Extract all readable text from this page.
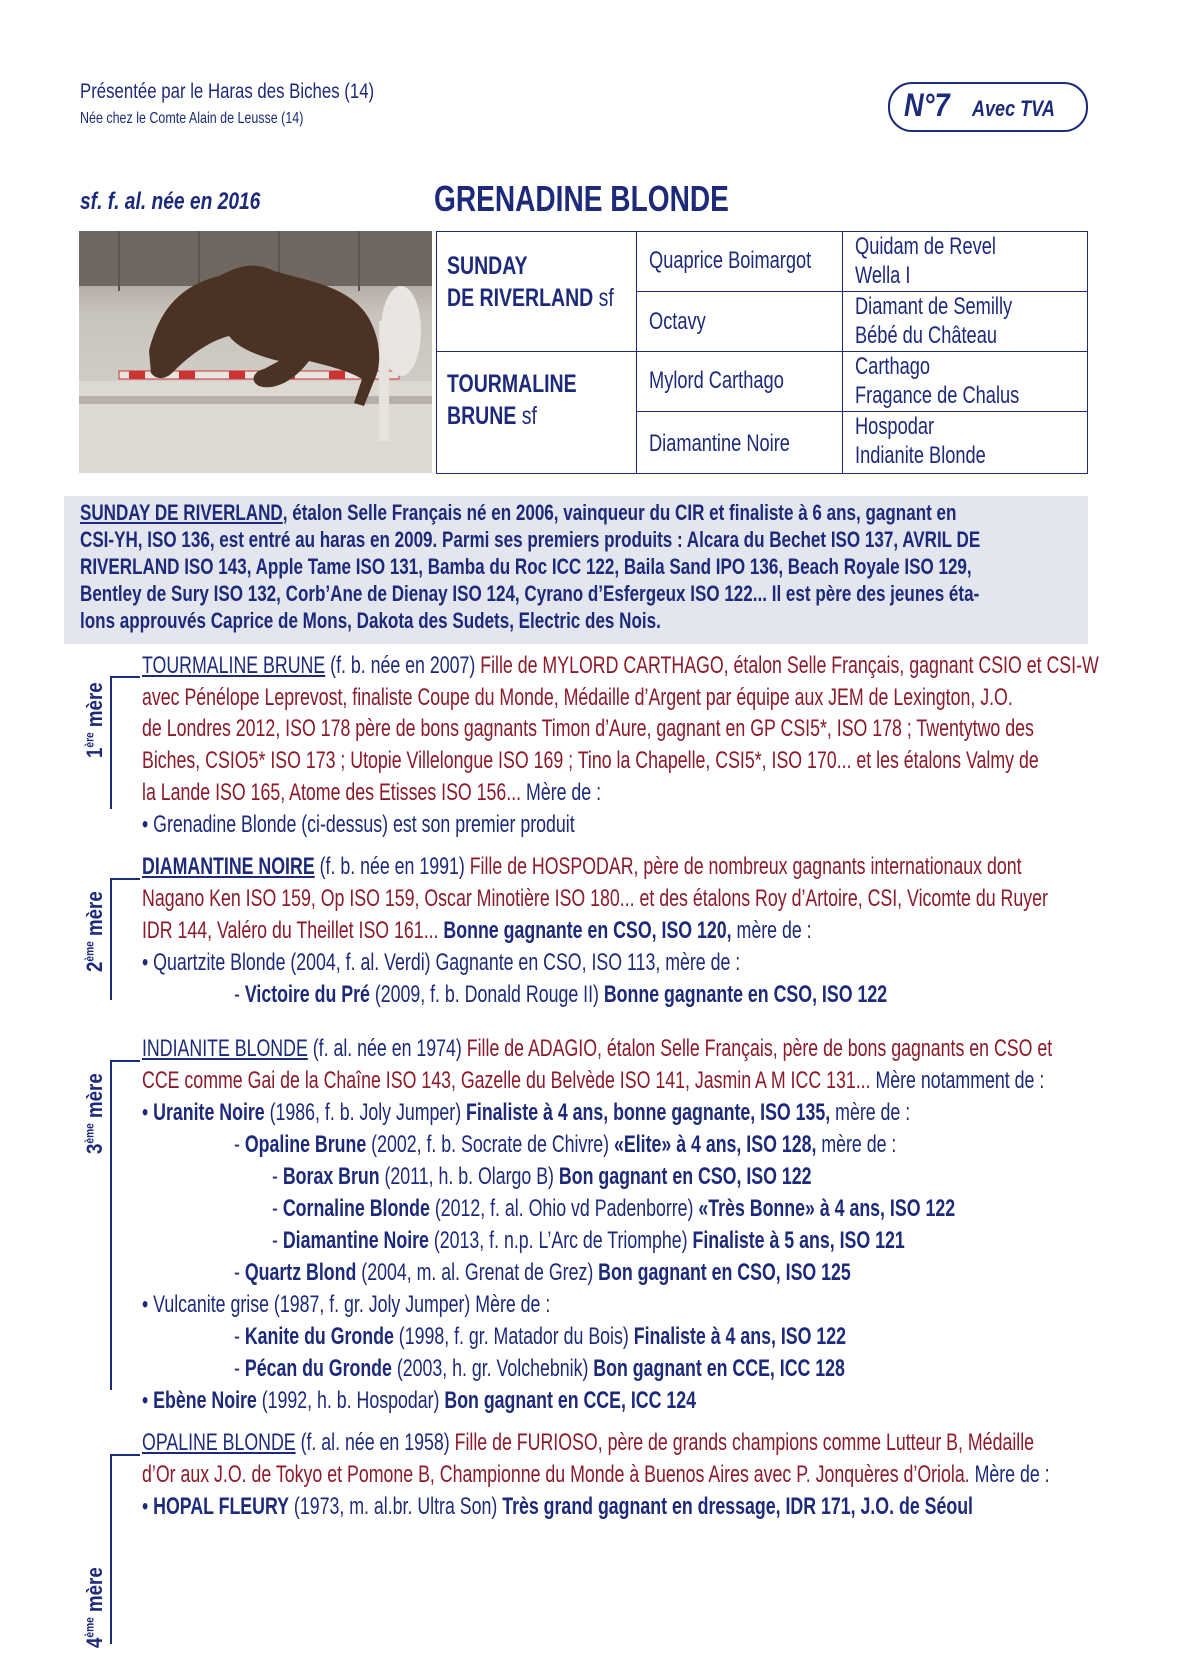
Présentée par le Haras des Biches (14)
Née chez le Comte Alain de Leusse (14)	N°7 Avec TVA
sf. f. al. née en 2016	GRENADINE BLONDE
SUNDAY
DE RIVERLAND sf
TOURMALINE
BRUNE sf
Quaprice Boimargot
Octavy
Mylord Carthago
Diamantine Noire
Quidam de Revel
Wella I
Diamant de Semilly
Bébé du Château
Carthago
Fragance de Chalus
Hospodar
Indianite Blonde
SUNDAY DE RIVERLAND, étalon Selle Français né en 2006, vainqueur du CIR et finaliste à 6 ans, gagnant en
CSI-YH, ISO 136, est entré au haras en 2009. Parmi ses premiers produits : Alcara du Bechet ISO 137, AVRIL DE
RIVERLAND ISO 143, Apple Tame ISO 131, Bamba du Roc ICC 122, Baila Sand IPO 136, Beach Royale ISO 129,
Bentley de Sury ISO 132, Corb’Ane de Dienay ISO 124, Cyrano d’Esfergeux ISO 122... Il est père des jeunes éta-
lons approuvés Caprice de Mons, Dakota des Sudets, Electric des Nois.
1ère mère
2ème mère
3ème mère
4ème mère
TOURMALINE BRUNE (f. b. née en 2007) Fille de MYLORD CARTHAGO, étalon Selle Français, gagnant CSIO et CSI-W
avec Pénélope Leprevost, finaliste Coupe du Monde, Médaille d’Argent par équipe aux JEM de Lexington, J.O.
de Londres 2012, ISO 178 père de bons gagnants Timon d’Aure, gagnant en GP CSI5*, ISO 178 ; Twentytwo des
Biches, CSIO5* ISO 173 ; Utopie Villelongue ISO 169 ; Tino la Chapelle, CSI5*, ISO 170... et les étalons Valmy de
la Lande ISO 165, Atome des Etisses ISO 156... Mère de :
• Grenadine Blonde (ci-dessus) est son premier produit
DIAMANTINE NOIRE (f. b. née en 1991) Fille de HOSPODAR, père de nombreux gagnants internationaux dont
Nagano Ken ISO 159, Op ISO 159, Oscar Minotière ISO 180... et des étalons Roy d’Artoire, CSI, Vicomte du Ruyer
IDR 144, Valéro du Theillet ISO 161... Bonne gagnante en CSO, ISO 120, mère de :
• Quartzite Blonde (2004, f. al. Verdi) Gagnante en CSO, ISO 113, mère de :
- Victoire du Pré (2009, f. b. Donald Rouge II) Bonne gagnante en CSO, ISO 122
INDIANITE BLONDE (f. al. née en 1974) Fille de ADAGIO, étalon Selle Français, père de bons gagnants en CSO et
CCE comme Gai de la Chaîne ISO 143, Gazelle du Belvède ISO 141, Jasmin A M ICC 131... Mère notamment de :
• Uranite Noire (1986, f. b. Joly Jumper) Finaliste à 4 ans, bonne gagnante, ISO 135, mère de :
- Opaline Brune (2002, f. b. Socrate de Chivre) «Elite» à 4 ans, ISO 128, mère de :
- Borax Brun (2011, h. b. Olargo B) Bon gagnant en CSO, ISO 122
- Cornaline Blonde (2012, f. al. Ohio vd Padenborre) «Très Bonne» à 4 ans, ISO 122
- Diamantine Noire (2013, f. n.p. L’Arc de Triomphe) Finaliste à 5 ans, ISO 121
- Quartz Blond (2004, m. al. Grenat de Grez) Bon gagnant en CSO, ISO 125
• Vulcanite grise (1987, f. gr. Joly Jumper) Mère de :
- Kanite du Gronde (1998, f. gr. Matador du Bois) Finaliste à 4 ans, ISO 122
- Pécan du Gronde (2003, h. gr. Volchebnik) Bon gagnant en CCE, ICC 128
• Ebène Noire (1992, h. b. Hospodar) Bon gagnant en CCE, ICC 124
OPALINE BLONDE (f. al. née en 1958) Fille de FURIOSO, père de grands champions comme Lutteur B, Médaille
d’Or aux J.O. de Tokyo et Pomone B, Championne du Monde à Buenos Aires avec P. Jonquères d’Oriola. Mère de :
• HOPAL FLEURY (1973, m. al.br. Ultra Son) Très grand gagnant en dressage, IDR 171, J.O. de Séoul
